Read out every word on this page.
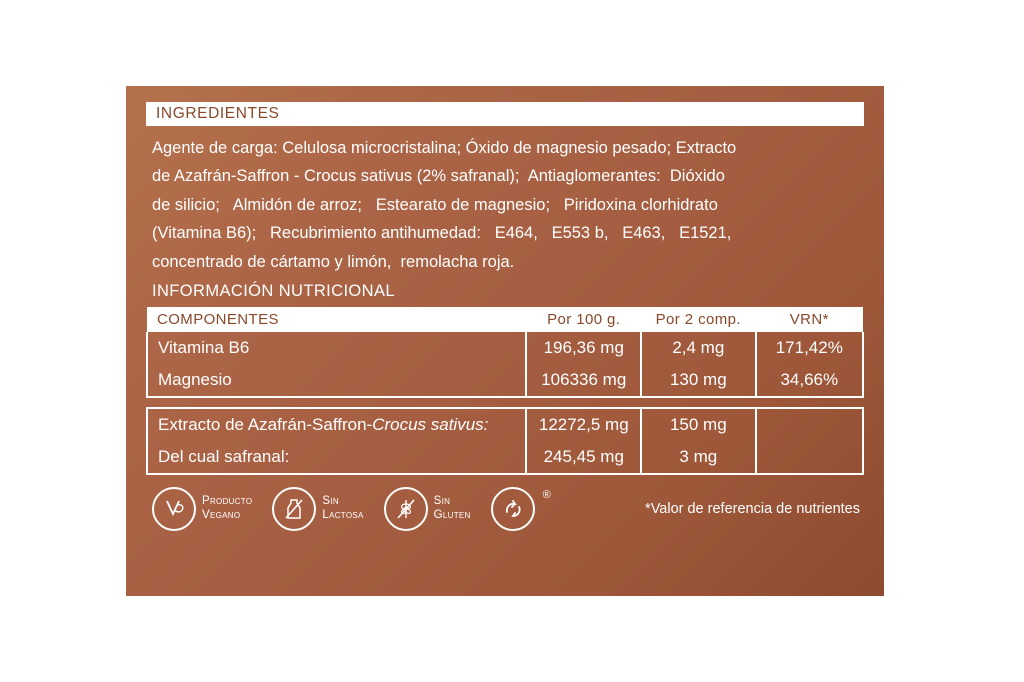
INGREDIENTES
Agente de carga: Celulosa microcristalina; Óxido de magnesio pesado; Extracto
de Azafrán-Saffron - Crocus sativus (2% safranal);  Antiaglomerantes:  Dióxido
de silicio;   Almidón de arroz;   Estearato de magnesio;   Piridoxina clorhidrato
(Vitamina B6);   Recubrimiento antihumedad:   E464,   E553 b,   E463,   E1521,
concentrado de cártamo y limón,  remolacha roja.
INFORMACIÓN NUTRICIONAL
COMPONENTES	Por 100 g.	Por 2 comp.	VRN*
Vitamina B6	196,36 mg	2,4 mg	171,42%
Magnesio	106336 mg	130 mg	34,66%

Extracto de Azafrán-Saffron-Crocus sativus:	12272,5 mg	150 mg	
Del cual safranal:	245,45 mg	3 mg	
Producto
Vegano
Sin
Lactosa
Sin
Gluten
®
*Valor de referencia de nutrientes
